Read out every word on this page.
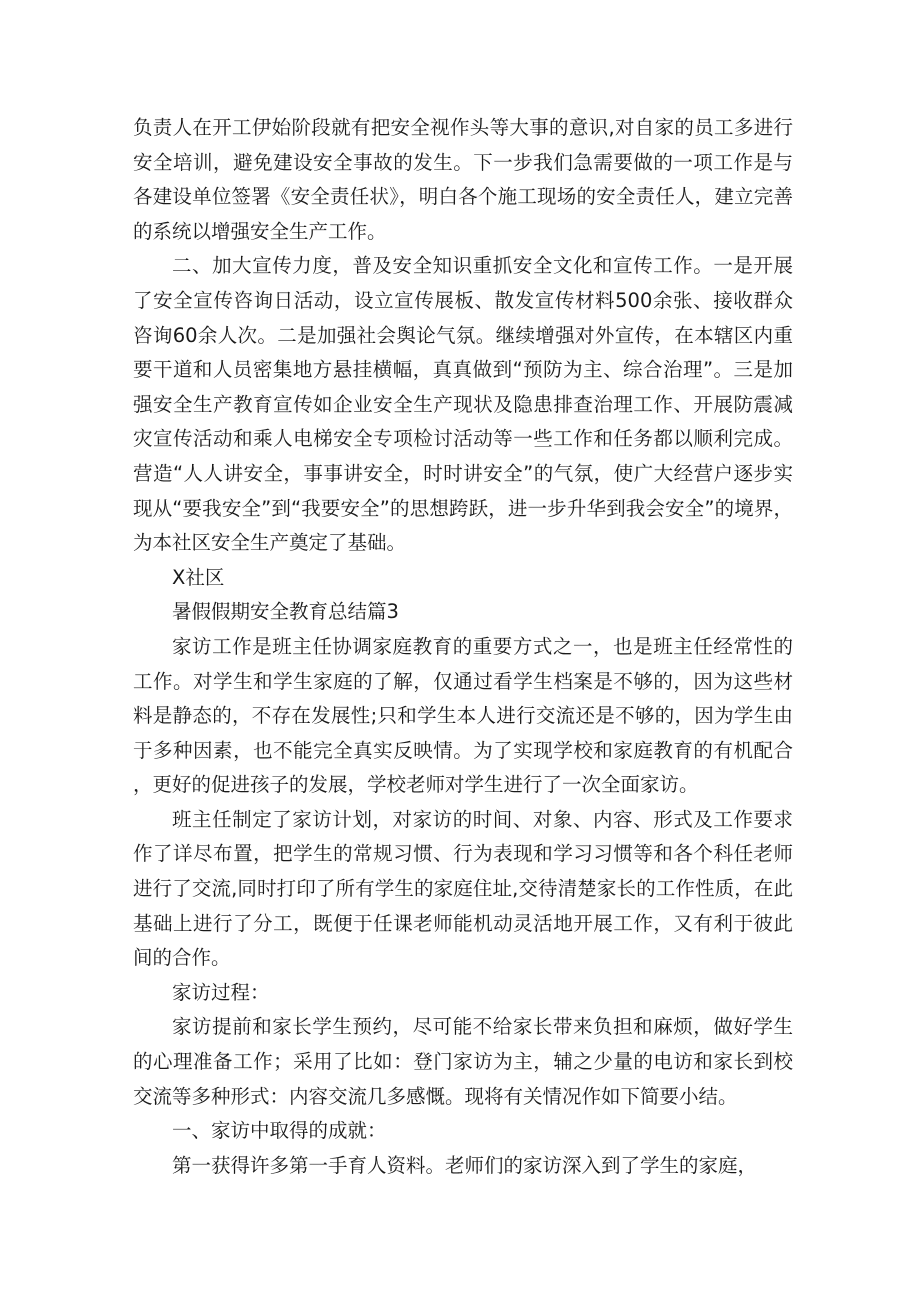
负责人在开工伊始阶段就有把安全视作头等大事的意识,对自家的员工多进行安全培训，避免建设安全事故的发生。下一步我们急需要做的一项工作是与各建设单位签署《安全责任状》，明白各个施工现场的安全责任人，建立完善的系统以增强安全生产工作。

二、加大宣传力度，普及安全知识重抓安全文化和宣传工作。一是开展了安全宣传咨询日活动，设立宣传展板、散发宣传材料500余张、接收群众咨询60余人次。二是加强社会舆论气氛。继续增强对外宣传，在本辖区内重要干道和人员密集地方悬挂横幅，真真做到“预防为主、综合治理”。三是加强安全生产教育宣传如企业安全生产现状及隐患排查治理工作、开展防震减灾宣传活动和乘人电梯安全专项检讨活动等一些工作和任务都以顺利完成。营造“人人讲安全，事事讲安全，时时讲安全”的气氛，使广大经营户逐步实现从“要我安全”到“我要安全”的思想跨跃，进一步升华到我会安全”的境界，为本社区安全生产奠定了基础。

X社区

暑假假期安全教育总结篇3

家访工作是班主任协调家庭教育的重要方式之一，也是班主任经常性的工作。对学生和学生家庭的了解，仅通过看学生档案是不够的，因为这些材料是静态的，不存在发展性;只和学生本人进行交流还是不够的，因为学生由于多种因素，也不能完全真实反映情。为了实现学校和家庭教育的有机配合，更好的促进孩子的发展，学校老师对学生进行了一次全面家访。

班主任制定了家访计划，对家访的时间、对象、内容、形式及工作要求作了详尽布置，把学生的常规习惯、行为表现和学习习惯等和各个科任老师进行了交流,同时打印了所有学生的家庭住址,交待清楚家长的工作性质，在此基础上进行了分工，既便于任课老师能机动灵活地开展工作，又有利于彼此间的合作。

家访过程：

家访提前和家长学生预约，尽可能不给家长带来负担和麻烦，做好学生的心理准备工作；采用了比如：登门家访为主，辅之少量的电访和家长到校交流等多种形式：内容交流几多感慨。现将有关情况作如下简要小结。

一、家访中取得的成就：

第一获得许多第一手育人资料。老师们的家访深入到了学生的家庭，
